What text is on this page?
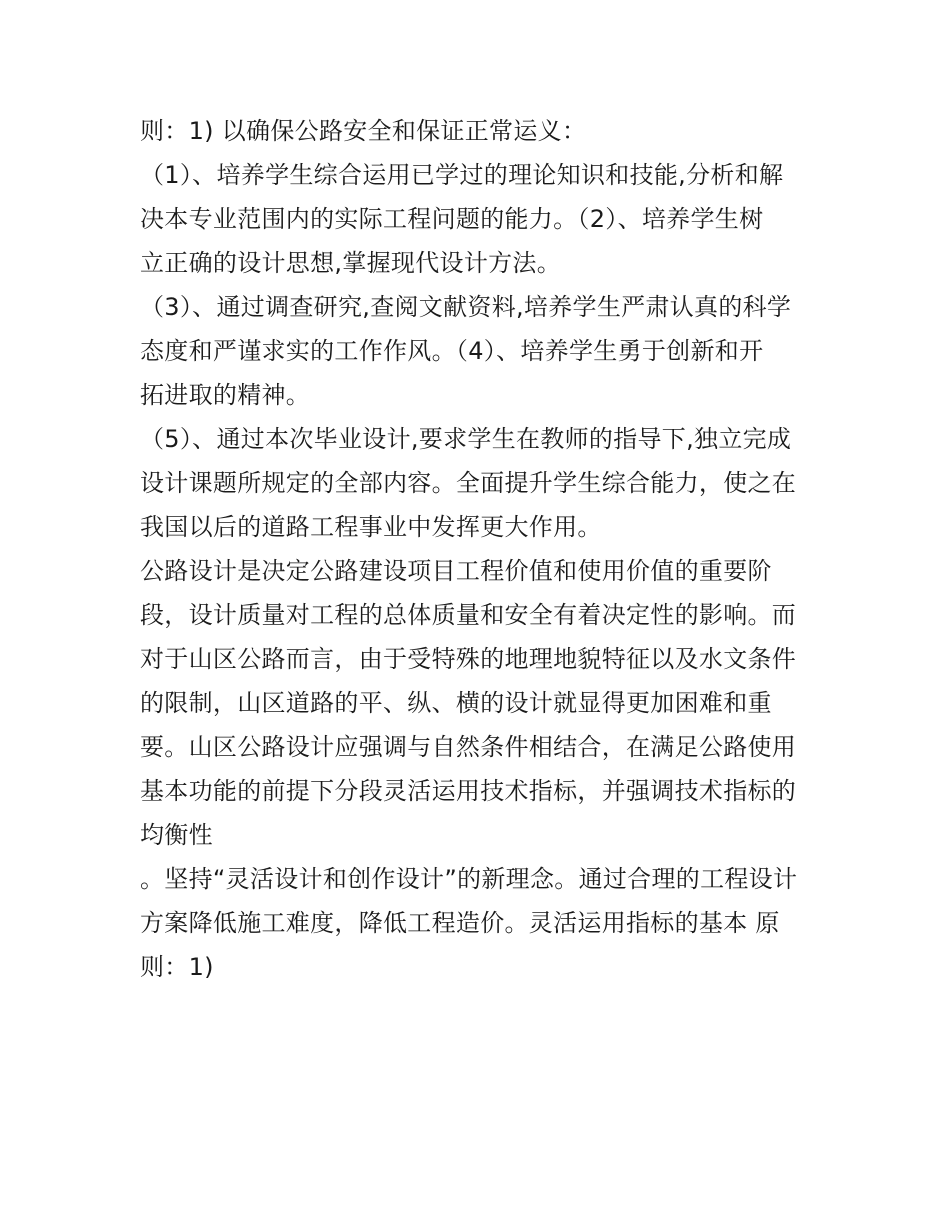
则：1) 以确保公路安全和保证正常运义：
（1）、培养学生综合运用已学过的理论知识和技能,分析和解
决本专业范围内的实际工程问题的能力。（2）、培养学生树
立正确的设计思想,掌握现代设计方法。
（3）、通过调查研究,查阅文献资料,培养学生严肃认真的科学
态度和严谨求实的工作作风。（4）、培养学生勇于创新和开
拓进取的精神。
（5）、通过本次毕业设计,要求学生在教师的指导下,独立完成
设计课题所规定的全部内容。全面提升学生综合能力，使之在
我国以后的道路工程事业中发挥更大作用。
公路设计是决定公路建设项目工程价值和使用价值的重要阶
段，设计质量对工程的总体质量和安全有着决定性的影响。而
对于山区公路而言，由于受特殊的地理地貌特征以及水文条件
的限制，山区道路的平、纵、横的设计就显得更加困难和重
要。山区公路设计应强调与自然条件相结合，在满足公路使用
基本功能的前提下分段灵活运用技术指标，并强调技术指标的
均衡性
。坚持“灵活设计和创作设计”的新理念。通过合理的工程设计
方案降低施工难度，降低工程造价。灵活运用指标的基本 原
则：1)
